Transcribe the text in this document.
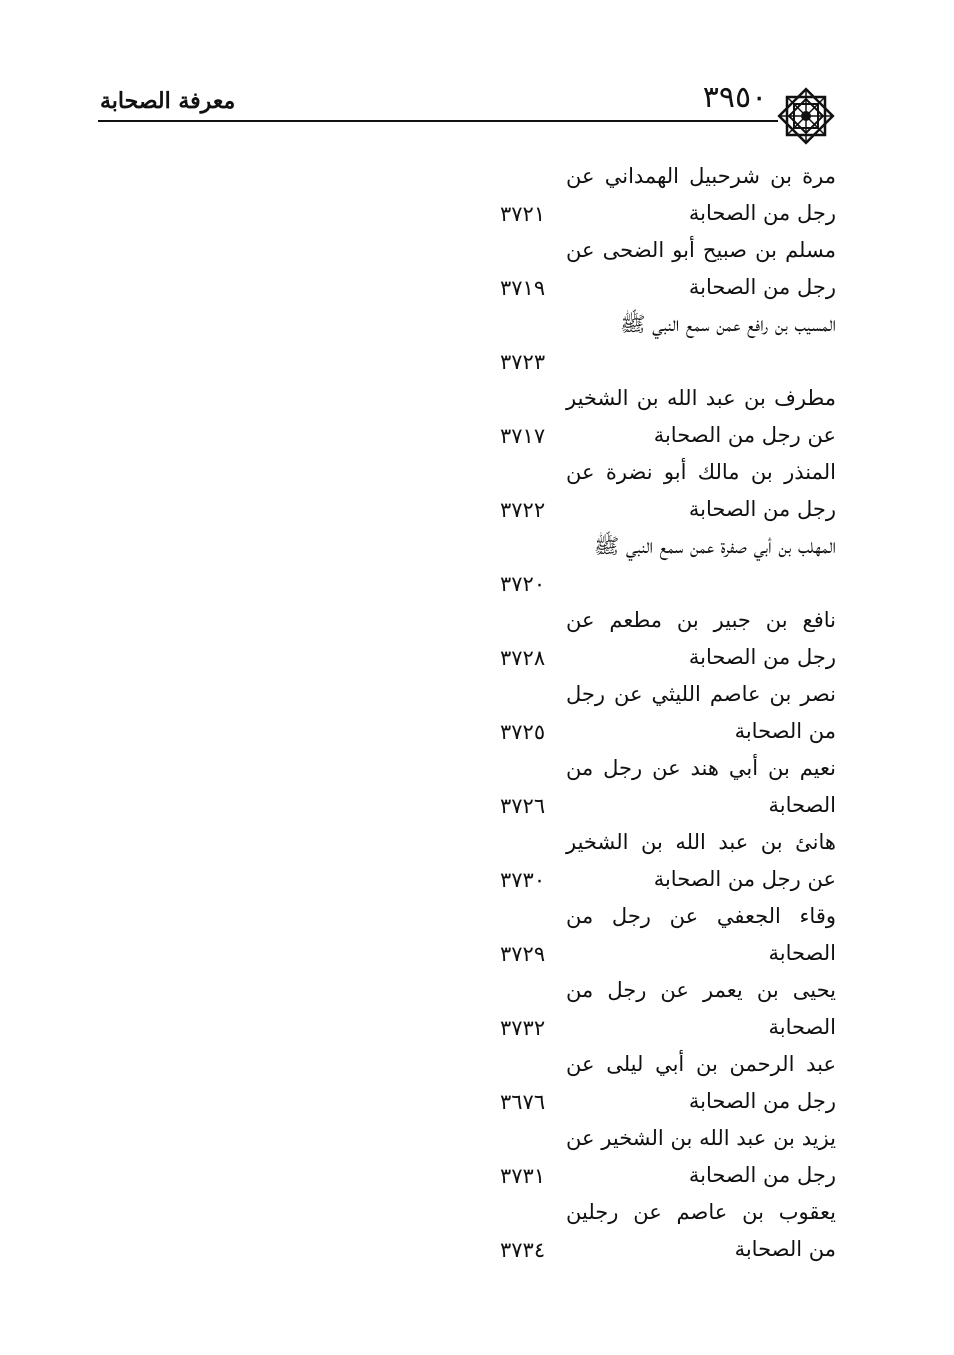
معرفة الصحابة	٣٩٥٠
مرة بن شرحبيل الهمداني عن رجل من الصحابة
٣٧٢١
مسلم بن صبيح أبو الضحى عن رجل من الصحابة
٣٧١٩
المسيب بن رافع عمن سمع النبي ﷺ
٣٧٢٣
مطرف بن عبد الله بن الشخير عن رجل من الصحابة
٣٧١٧
المنذر بن مالك أبو نضرة عن رجل من الصحابة
٣٧٢٢
المهلب بن أبي صفرة عمن سمع النبي ﷺ
٣٧٢٠
نافع بن جبير بن مطعم عن رجل من الصحابة
٣٧٢٨
نصر بن عاصم الليثي عن رجل من الصحابة
٣٧٢٥
نعيم بن أبي هند عن رجل من الصحابة
٣٧٢٦
هانئ بن عبد الله بن الشخير عن رجل من الصحابة
٣٧٣٠
وقاء الجعفي عن رجل من الصحابة
٣٧٢٩
يحيى بن يعمر عن رجل من الصحابة
٣٧٣٢
عبد الرحمن بن أبي ليلى عن رجل من الصحابة
٣٦٧٦
يزيد بن عبد الله بن الشخير عن رجل من الصحابة
٣٧٣١
يعقوب بن عاصم عن رجلين من الصحابة
٣٧٣٤
